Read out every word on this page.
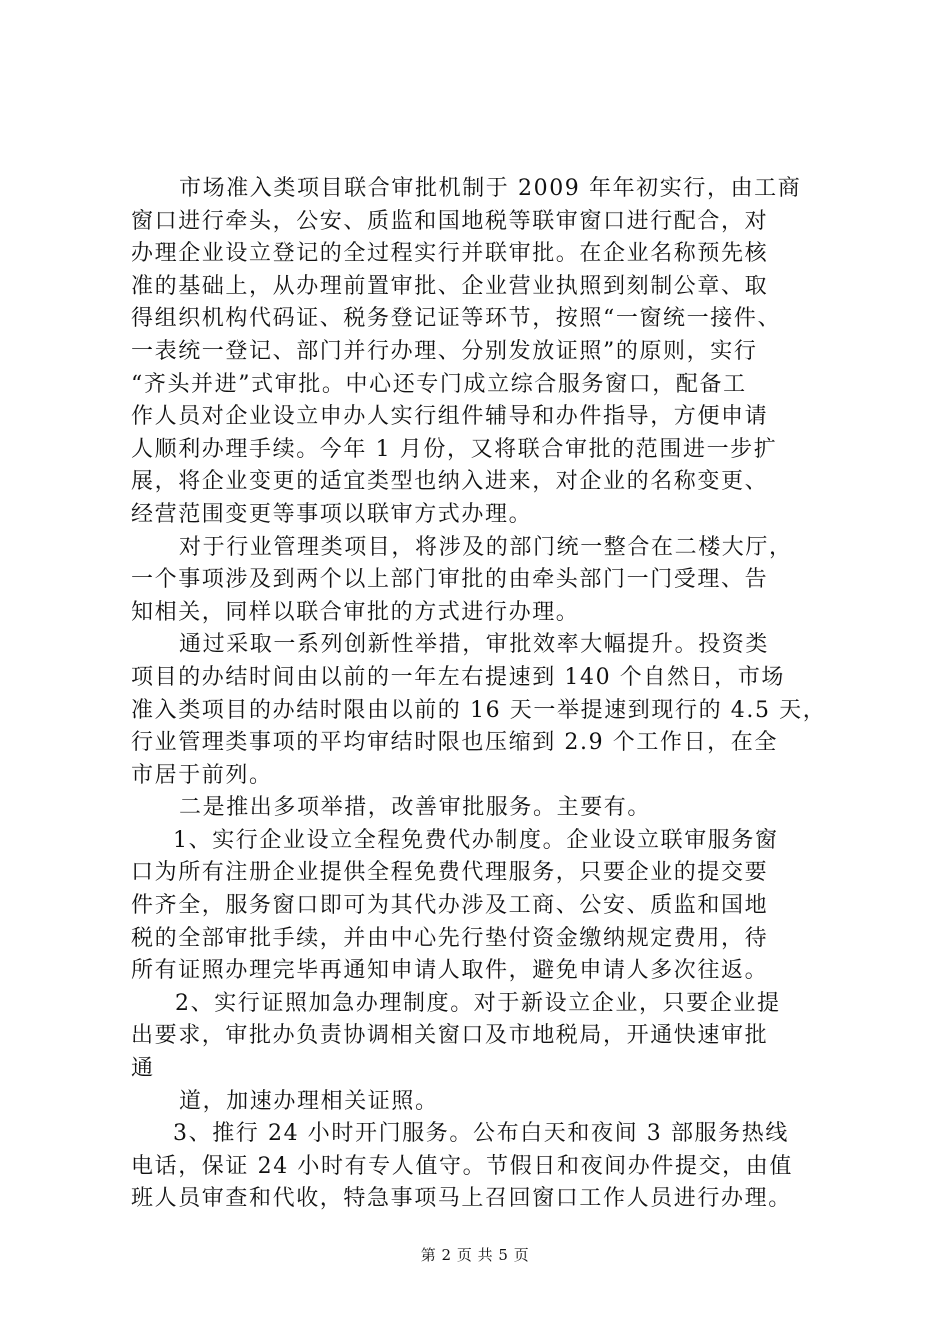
市场准入类项目联合审批机制于 2009 年年初实行，由工商
窗口进行牵头，公安、质监和国地税等联审窗口进行配合，对
办理企业设立登记的全过程实行并联审批。在企业名称预先核
准的基础上，从办理前置审批、企业营业执照到刻制公章、取
得组织机构代码证、税务登记证等环节，按照“一窗统一接件、
一表统一登记、部门并行办理、分别发放证照”的原则，实行
“齐头并进”式审批。中心还专门成立综合服务窗口，配备工
作人员对企业设立申办人实行组件辅导和办件指导，方便申请
人顺利办理手续。今年 1 月份，又将联合审批的范围进一步扩
展，将企业变更的适宜类型也纳入进来，对企业的名称变更、
经营范围变更等事项以联审方式办理。
对于行业管理类项目，将涉及的部门统一整合在二楼大厅，
一个事项涉及到两个以上部门审批的由牵头部门一门受理、告
知相关，同样以联合审批的方式进行办理。
通过采取一系列创新性举措，审批效率大幅提升。投资类
项目的办结时间由以前的一年左右提速到 140 个自然日，市场
准入类项目的办结时限由以前的 16 天一举提速到现行的 4.5 天，
行业管理类事项的平均审结时限也压缩到 2.9 个工作日，在全
市居于前列。
二是推出多项举措，改善审批服务。主要有。
1、实行企业设立全程免费代办制度。企业设立联审服务窗
口为所有注册企业提供全程免费代理服务，只要企业的提交要
件齐全，服务窗口即可为其代办涉及工商、公安、质监和国地
税的全部审批手续，并由中心先行垫付资金缴纳规定费用，待
所有证照办理完毕再通知申请人取件，避免申请人多次往返。
2、实行证照加急办理制度。对于新设立企业，只要企业提
出要求，审批办负责协调相关窗口及市地税局，开通快速审批
通
道，加速办理相关证照。
3、推行 24 小时开门服务。公布白天和夜间 3 部服务热线
电话，保证 24 小时有专人值守。节假日和夜间办件提交，由值
班人员审查和代收，特急事项马上召回窗口工作人员进行办理。
第 2 页 共 5 页
